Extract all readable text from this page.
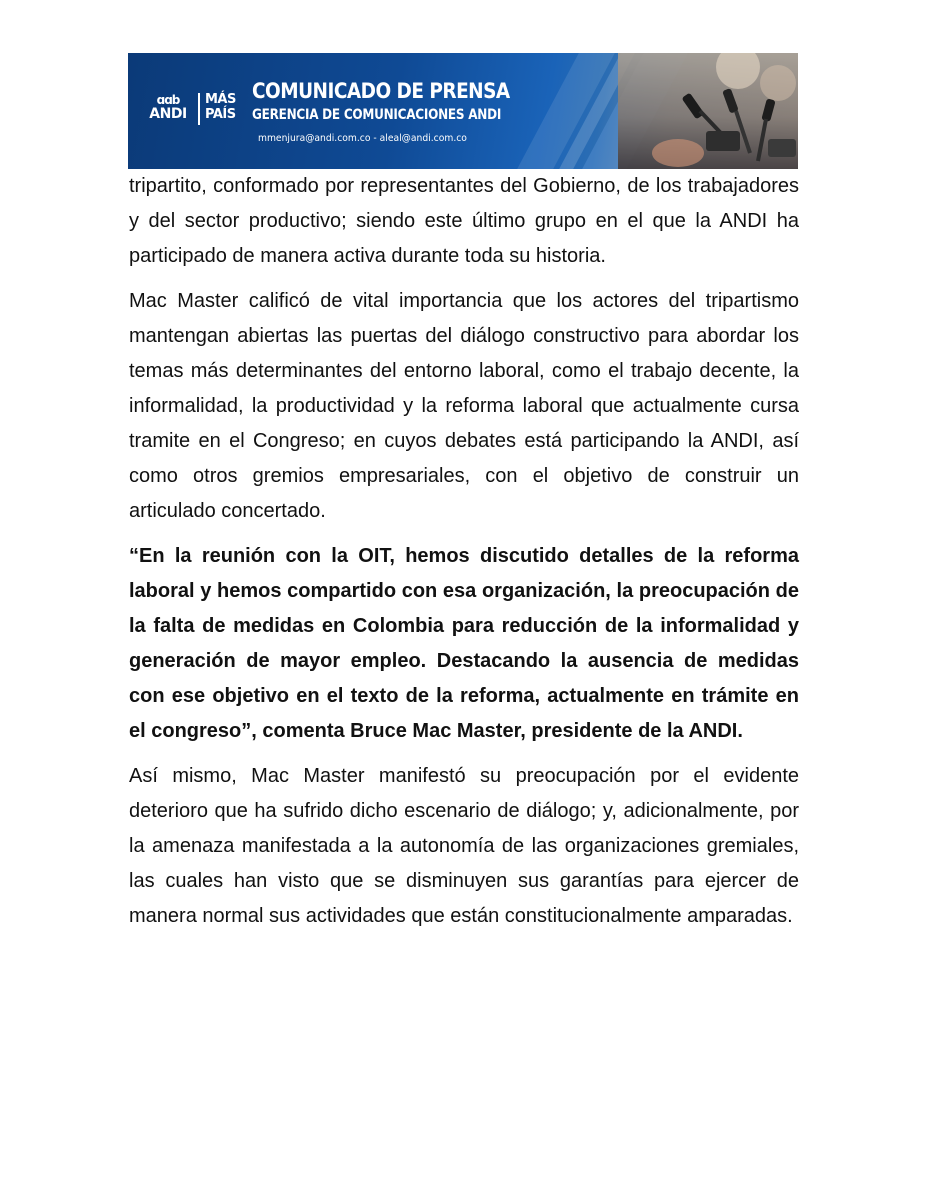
ɑɑb
ANDI
MÁS
PAÍS
COMUNICADO DE PRENSA
GERENCIA DE COMUNICACIONES ANDI
mmenjura@andi.com.co - aleal@andi.com.co

tripartito, conformado por representantes del Gobierno, de los trabajadores y del sector productivo; siendo este último grupo en el que la ANDI ha participado de manera activa durante toda su historia.

Mac Master calificó de vital importancia que los actores del tripartismo mantengan abiertas las puertas del diálogo constructivo para abordar los temas más determinantes del entorno laboral, como el trabajo decente, la informalidad, la productividad y la reforma laboral que actualmente cursa tramite en el Congreso; en cuyos debates está participando la ANDI, así como otros gremios empresariales, con el objetivo de construir un articulado concertado.

“En la reunión con la OIT, hemos discutido detalles de la reforma laboral y hemos compartido con esa organización, la preocupación de la falta de medidas en Colombia para reducción de la informalidad y generación de mayor empleo. Destacando la ausencia de medidas con ese objetivo en el texto de la reforma, actualmente en trámite en el congreso”, comenta Bruce Mac Master, presidente de la ANDI.

Así mismo, Mac Master manifestó su preocupación por el evidente deterioro que ha sufrido dicho escenario de diálogo; y, adicionalmente, por la amenaza manifestada a la autonomía de las organizaciones gremiales, las cuales han visto que se disminuyen sus garantías para ejercer de manera normal sus actividades que están constitucionalmente amparadas.
